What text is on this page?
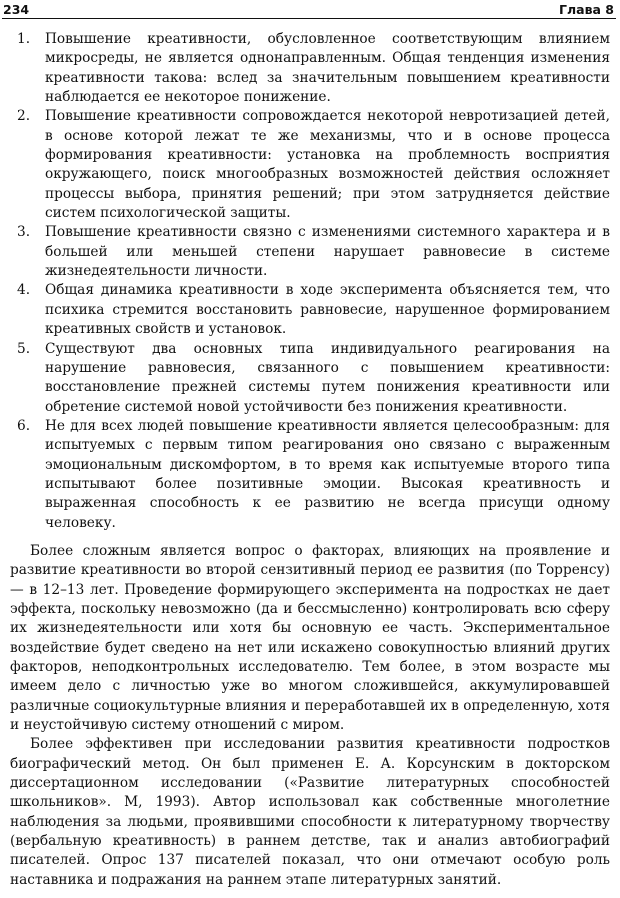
234	Глава 8
1. Повышение креативности, обусловленное соответствующим влиянием микросреды, не является однонаправленным. Общая тенденция изменения креативности такова: вслед за значительным повышением креативности наблюдается ее некоторое понижение.
2. Повышение креативности сопровождается некоторой невротизацией детей, в основе которой лежат те же механизмы, что и в основе процесса формирования креативности: установка на проблемность восприятия окружающего, поиск многообразных возможностей действия осложняет процессы выбора, принятия решений; при этом затрудняется действие систем психологической защиты.
3. Повышение креативности связно с изменениями системного характера и в большей или меньшей степени нарушает равновесие в системе жизнедеятельности личности.
4. Общая динамика креативности в ходе эксперимента объясняется тем, что психика стремится восстановить равновесие, нарушенное формированием креативных свойств и установок.
5. Существуют два основных типа индивидуального реагирования на нарушение равновесия, связанного с повышением креативности: восстановление прежней системы путем понижения креативности или обретение системой новой устойчивости без понижения креативности.
6. Не для всех людей повышение креативности является целесообразным: для испытуемых с первым типом реагирования оно связано с выраженным эмоциональным дискомфортом, в то время как испытуемые второго типа испытывают более позитивные эмоции. Высокая креативность и выраженная способность к ее развитию не всегда присущи одному человеку.

Более сложным является вопрос о факторах, влияющих на проявление и развитие креативности во второй сензитивный период ее развития (по Торренсу) — в 12–13 лет. Проведение формирующего эксперимента на подростках не дает эффекта, поскольку невозможно (да и бессмысленно) контролировать всю сферу их жизнедеятельности или хотя бы основную ее часть. Экспериментальное воздействие будет сведено на нет или искажено совокупностью влияний других факторов, неподконтрольных исследователю. Тем более, в этом возрасте мы имеем дело с личностью уже во многом сложившейся, аккумулировавшей различные социокультурные влияния и переработавшей их в определенную, хотя и неустойчивую систему отношений с миром.

Более эффективен при исследовании развития креативности подростков биографический метод. Он был применен Е. А. Корсунским в докторском диссертационном исследовании («Развитие литературных способностей школьников». М, 1993). Автор использовал как собственные многолетние наблюдения за людьми, проявившими способности к литературному творчеству (вербальную креативность) в раннем детстве, так и анализ автобиографий писателей. Опрос 137 писателей показал, что они отмечают особую роль наставника и подражания на раннем этапе литературных занятий.
